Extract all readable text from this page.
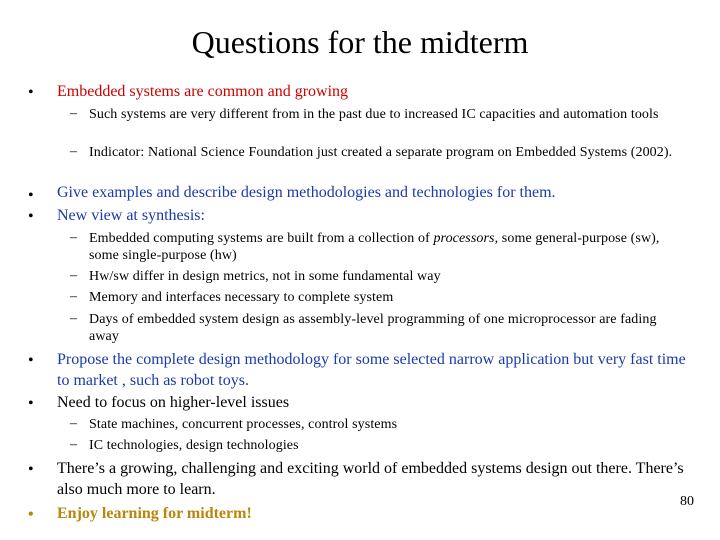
Questions for the midterm
• Embedded systems are common and growing
– Such systems are very different from in the past due to increased IC capacities and automation tools
– Indicator: National Science Foundation just created a separate program on Embedded Systems (2002).
• Give examples and describe design methodologies and technologies for them.
• New view at synthesis:
– Embedded computing systems are built from a collection of processors, some general-purpose (sw), some single-purpose (hw)
– Hw/sw differ in design metrics, not in some fundamental way
– Memory and interfaces necessary to complete system
– Days of embedded system design as assembly-level programming of one microprocessor are fading away
• Propose the complete design methodology for some selected narrow application but very fast time to market , such as robot toys.
• Need to focus on higher-level issues
– State machines, concurrent processes, control systems
– IC technologies, design technologies
• There’s a growing, challenging and exciting world of embedded systems design out there. There’s also much more to learn.
• Enjoy learning for midterm!
80
